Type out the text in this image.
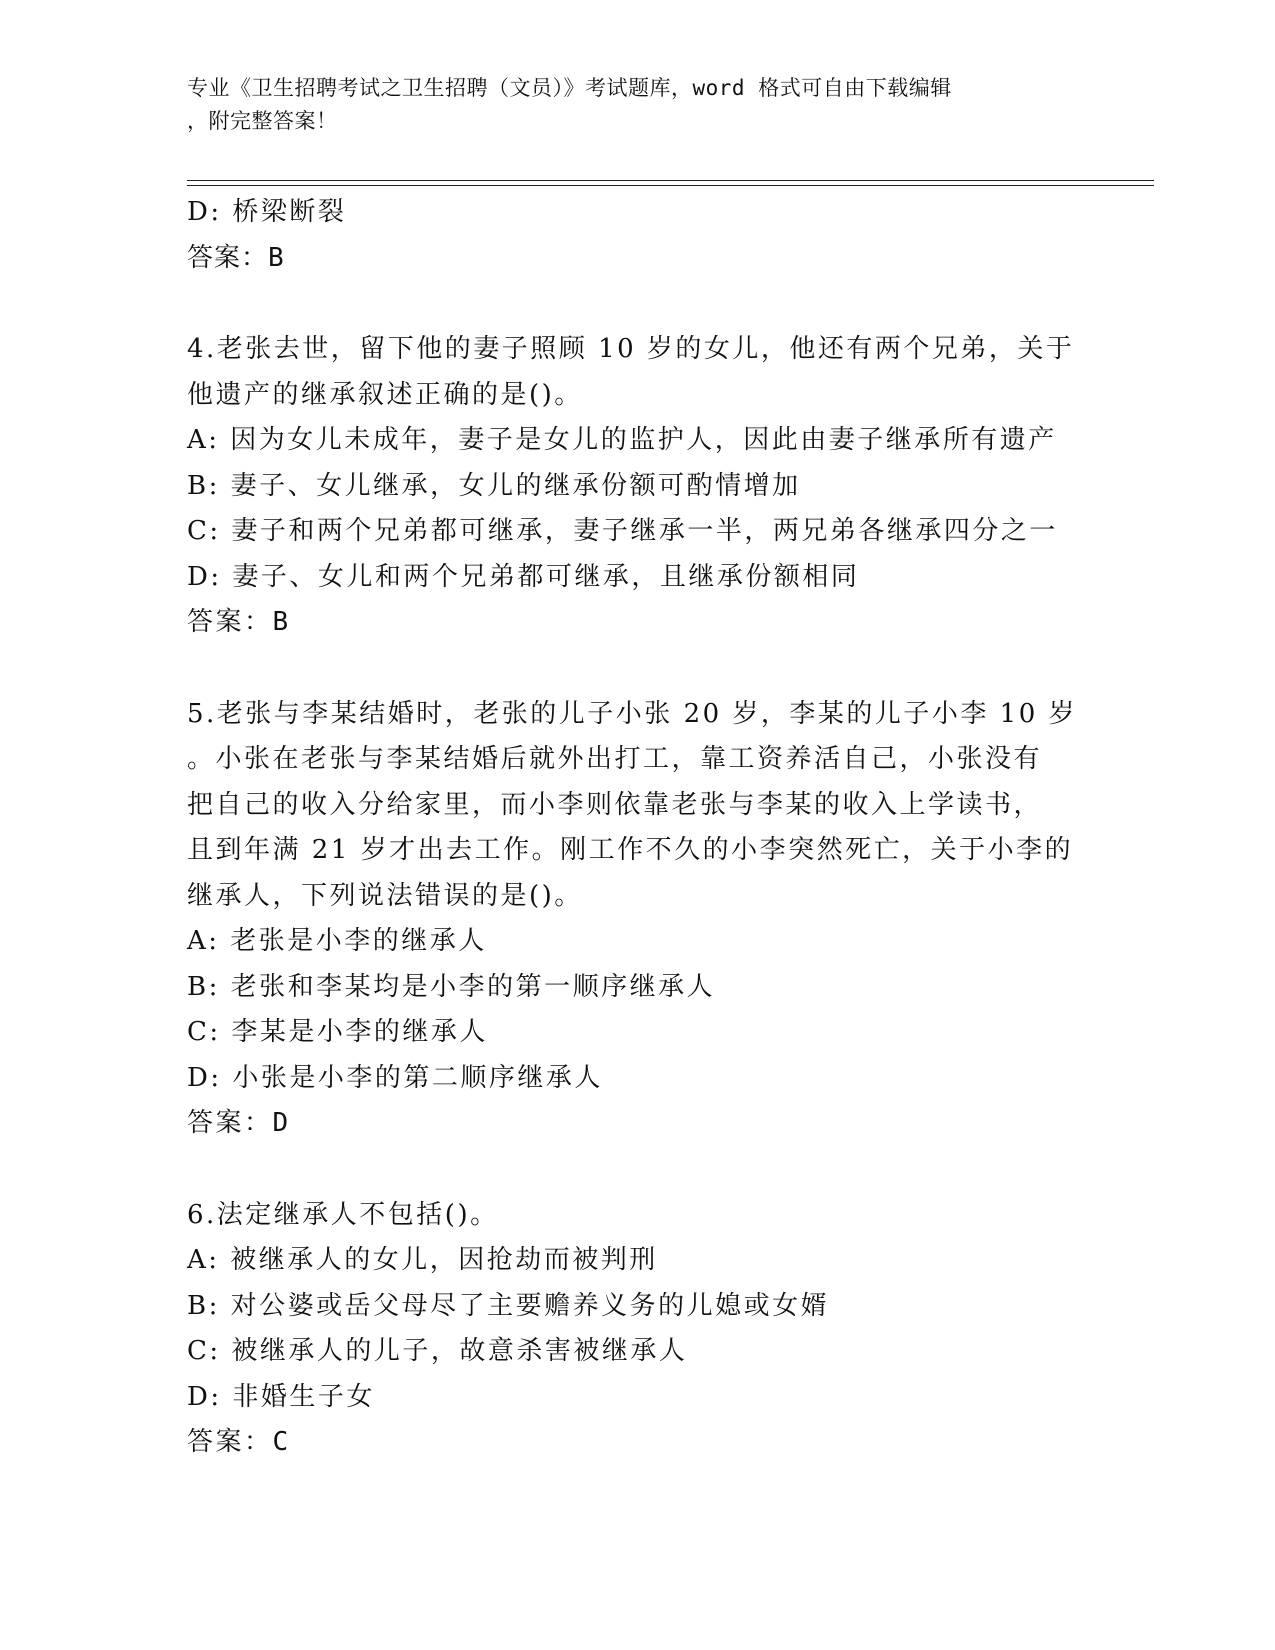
专业《卫生招聘考试之卫生招聘（文员）》考试题库，word 格式可自由下载编辑
，附完整答案！
D: 桥梁断裂
答案：B
4.老张去世，留下他的妻子照顾 10 岁的女儿，他还有两个兄弟，关于
他遗产的继承叙述正确的是()。
A: 因为女儿未成年，妻子是女儿的监护人，因此由妻子继承所有遗产
B: 妻子、女儿继承，女儿的继承份额可酌情增加
C: 妻子和两个兄弟都可继承，妻子继承一半，两兄弟各继承四分之一
D: 妻子、女儿和两个兄弟都可继承，且继承份额相同
答案：B
5.老张与李某结婚时，老张的儿子小张 20 岁，李某的儿子小李 10 岁
。小张在老张与李某结婚后就外出打工，靠工资养活自己，小张没有
把自己的收入分给家里，而小李则依靠老张与李某的收入上学读书，
且到年满 21 岁才出去工作。刚工作不久的小李突然死亡，关于小李的
继承人，下列说法错误的是()。
A: 老张是小李的继承人
B: 老张和李某均是小李的第一顺序继承人
C: 李某是小李的继承人
D: 小张是小李的第二顺序继承人
答案：D
6.法定继承人不包括()。
A: 被继承人的女儿，因抢劫而被判刑
B: 对公婆或岳父母尽了主要赡养义务的儿媳或女婿
C: 被继承人的儿子，故意杀害被继承人
D: 非婚生子女
答案：C
